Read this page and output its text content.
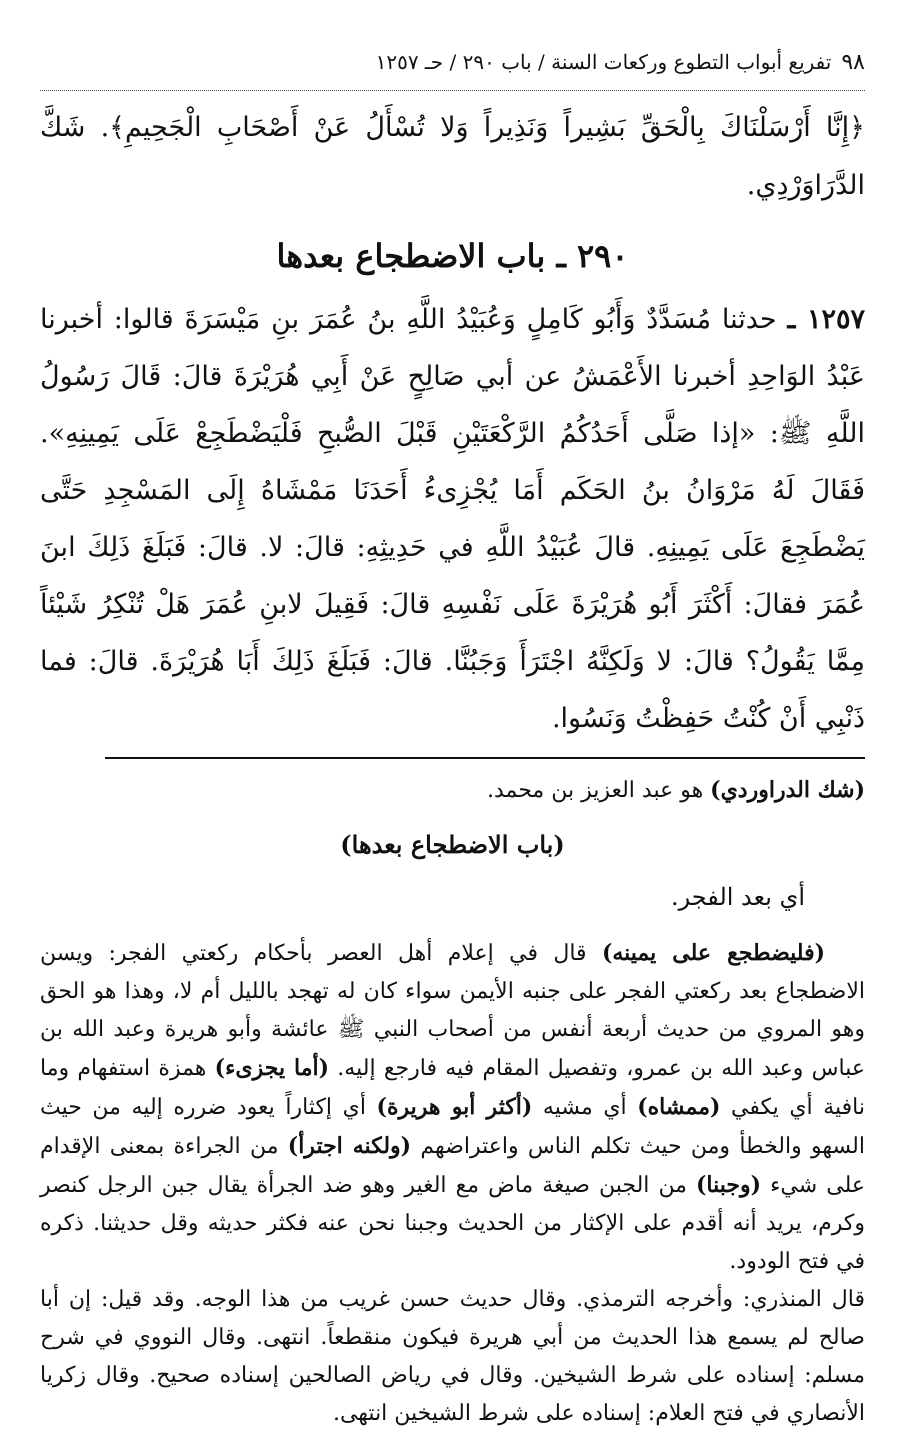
٩٨
تفريع أبواب التطوع وركعات السنة / باب ٢٩٠ / حـ ١٢٥٧
﴿إِنَّا أَرْسَلْنَاكَ بِالْحَقِّ بَشِيراً وَنَذِيراً وَلا تُسْأَلُ عَنْ أَصْحَابِ الْجَحِيمِ﴾. شَكَّ الدَّرَاوَرْدِي.
٢٩٠ ـ باب الاضطجاع بعدها
١٢٥٧ ـ حدثنا مُسَدَّدٌ وَأَبُو كَامِلٍ وَعُبَيْدُ اللَّهِ بنُ عُمَرَ بنِ مَيْسَرَةَ قالوا: أخبرنا عَبْدُ الوَاحِدِ أخبرنا الأَعْمَشُ عن أبي صَالِحٍ عَنْ أَبِي هُرَيْرَةَ قالَ: قَالَ رَسُولُ اللَّهِ ﷺ: «إذا صَلَّى أَحَدُكُمُ الرَّكْعَتَيْنِ قَبْلَ الصُّبحِ فَلْيَضْطَجِعْ عَلَى يَمِينِهِ». فَقَالَ لَهُ مَرْوَانُ بنُ الحَكَم أَمَا يُجْزِىءُ أَحَدَنَا مَمْشَاهُ إِلَى المَسْجِدِ حَتَّى يَضْطَجِعَ عَلَى يَمِينِهِ. قالَ عُبَيْدُ اللَّهِ في حَدِيثِهِ: قالَ: لا. قالَ: فَبَلَغَ ذَلِكَ ابنَ عُمَرَ فقالَ: أَكْثَرَ أَبُو هُرَيْرَةَ عَلَى نَفْسِهِ قالَ: فَقِيلَ لابنِ عُمَرَ هَلْ تُنْكِرُ شَيْئاً مِمَّا يَقُولُ؟ قالَ: لا وَلَكِنَّهُ اجْتَرَأَ وَجَبُنَّا. قالَ: فَبَلَغَ ذَلِكَ أَبَا هُرَيْرَةَ. قالَ: فما ذَنْبِي أَنْ كُنْتُ حَفِظْتُ وَنَسُوا.

(شك الدراوردي) هو عبد العزيز بن محمد.

(باب الاضطجاع بعدها)

أي بعد الفجر.

(فليضطجع على يمينه) قال في إعلام أهل العصر بأحكام ركعتي الفجر: ويسن الاضطجاع بعد ركعتي الفجر على جنبه الأيمن سواء كان له تهجد بالليل أم لا، وهذا هو الحق وهو المروي من حديث أربعة أنفس من أصحاب النبي ﷺ عائشة وأبو هريرة وعبد الله بن عباس وعبد الله بن عمرو، وتفصيل المقام فيه فارجع إليه. (أما يجزىء) همزة استفهام وما نافية أي يكفي (ممشاه) أي مشيه (أكثر أبو هريرة) أي إكثاراً يعود ضرره إليه من حيث السهو والخطأ ومن حيث تكلم الناس واعتراضهم (ولكنه اجترأ) من الجراءة بمعنى الإقدام على شيء (وجبنا) من الجبن صيغة ماض مع الغير وهو ضد الجرأة يقال جبن الرجل كنصر وكرم، يريد أنه أقدم على الإكثار من الحديث وجبنا نحن عنه فكثر حديثه وقل حديثنا. ذكره في فتح الودود.

قال المنذري: وأخرجه الترمذي. وقال حديث حسن غريب من هذا الوجه. وقد قيل: إن أبا صالح لم يسمع هذا الحديث من أبي هريرة فيكون منقطعاً. انتهى. وقال النووي في شرح مسلم: إسناده على شرط الشيخين. وقال في رياض الصالحين إسناده صحيح. وقال زكريا الأنصاري في فتح العلام: إسناده على شرط الشيخين انتهى.
